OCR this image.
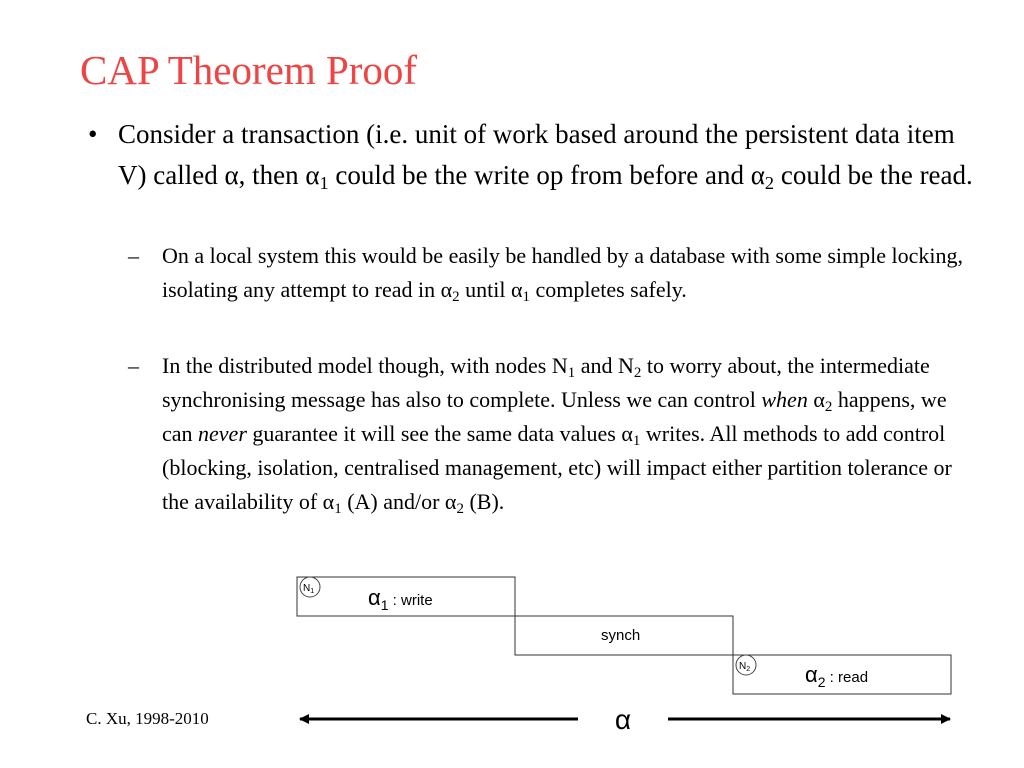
CAP Theorem Proof
• Consider a transaction (i.e. unit of work based around the persistent data item V) called α, then $\alpha_1$ could be the write op from before and $\alpha_2$ could be the read.

– On a local system this would be easily be handled by a database with some simple locking, isolating any attempt to read in $\alpha_2$ until $\alpha_1$ completes safely.

– In the distributed model though, with nodes $N_1$ and $N_2$ to worry about, the intermediate synchronising message has also to complete. Unless we can control when $\alpha_2$ happens, we can never guarantee it will see the same data values $\alpha_1$ writes. All methods to add control (blocking, isolation, centralised management, etc) will impact either partition tolerance or the availability of $\alpha_1$ (A) and/or $\alpha_2$ (B).

$N_1$
$N_2$
α1 : write
synch
α2 : read
α
C. Xu, 1998-2010
